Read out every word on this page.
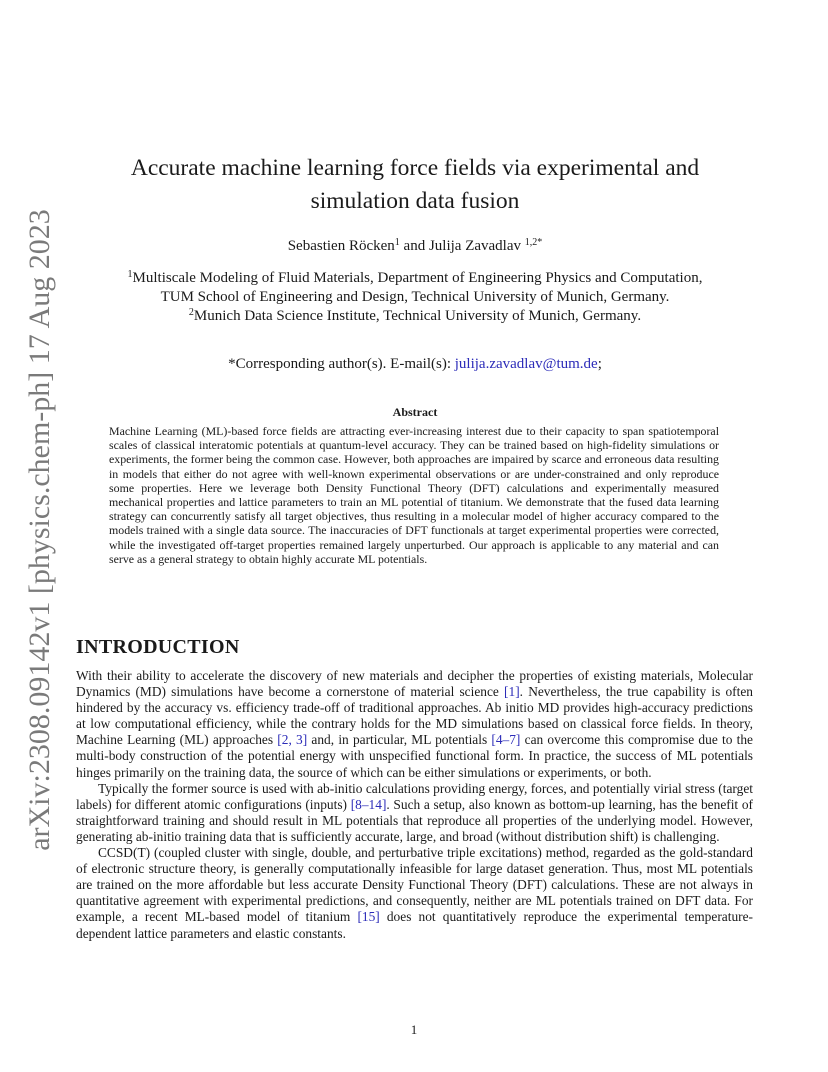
arXiv:2308.09142v1 [physics.chem-ph] 17 Aug 2023
Accurate machine learning force fields via experimental and
simulation data fusion
Sebastien Röcken$^1$ and Julija Zavadlav $^{1,2*}$
$^1$Multiscale Modeling of Fluid Materials, Department of Engineering Physics and Computation,
TUM School of Engineering and Design, Technical University of Munich, Germany.
$^2$Munich Data Science Institute, Technical University of Munich, Germany.
*Corresponding author(s). E-mail(s): julija.zavadlav@tum.de;
Abstract

Machine Learning (ML)-based force fields are attracting ever-increasing interest due to their capacity to span spatiotemporal scales of classical interatomic potentials at quantum-level accuracy. They can be trained based on high-fidelity simulations or experiments, the former being the common case. However, both approaches are impaired by scarce and erroneous data resulting in models that either do not agree with well-known experimental observations or are under-constrained and only reproduce some properties. Here we leverage both Density Functional Theory (DFT) calculations and experimentally measured mechanical properties and lattice parameters to train an ML potential of titanium. We demonstrate that the fused data learning strategy can concurrently satisfy all target objectives, thus resulting in a molecular model of higher accuracy compared to the models trained with a single data source. The inaccuracies of DFT functionals at target experimental properties were corrected, while the investigated off-target properties remained largely unperturbed. Our approach is applicable to any material and can serve as a general strategy to obtain highly accurate ML potentials.

INTRODUCTION

With their ability to accelerate the discovery of new materials and decipher the properties of existing materials, Molecular Dynamics (MD) simulations have become a cornerstone of material science [1]. Nevertheless, the true capability is often hindered by the accuracy vs. efficiency trade-off of traditional approaches. Ab initio MD provides high-accuracy predictions at low computational efficiency, while the contrary holds for the MD simulations based on classical force fields. In theory, Machine Learning (ML) approaches [2, 3] and, in particular, ML potentials [4–7] can overcome this compromise due to the multi-body construction of the potential energy with unspecified functional form. In practice, the success of ML potentials hinges primarily on the training data, the source of which can be either simulations or experiments, or both.

Typically the former source is used with ab-initio calculations providing energy, forces, and potentially virial stress (target labels) for different atomic configurations (inputs) [8–14]. Such a setup, also known as bottom-up learning, has the benefit of straightforward training and should result in ML potentials that reproduce all properties of the underlying model. However, generating ab-initio training data that is sufficiently accurate, large, and broad (without distribution shift) is challenging.

CCSD(T) (coupled cluster with single, double, and perturbative triple excitations) method, regarded as the gold-standard of electronic structure theory, is generally computationally infeasible for large dataset generation. Thus, most ML potentials are trained on the more affordable but less accurate Density Functional Theory (DFT) calculations. These are not always in quantitative agreement with experimental predictions, and consequently, neither are ML potentials trained on DFT data. For example, a recent ML-based model of titanium [15] does not quantitatively reproduce the experimental temperature-dependent lattice parameters and elastic constants.

1
